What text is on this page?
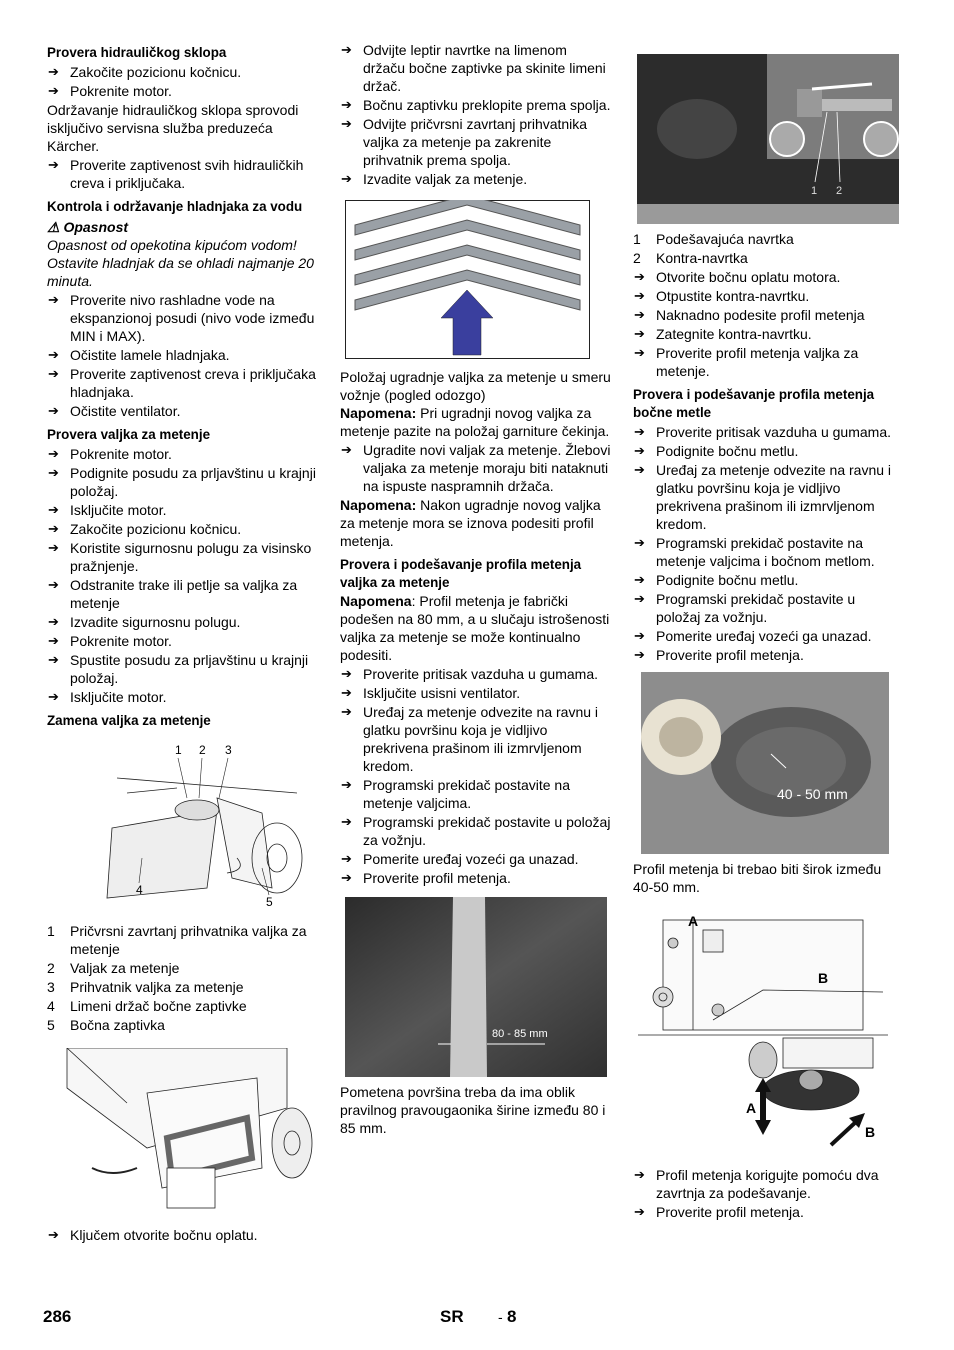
Provera hidrauličkog sklopa
➔ Zakočite pozicionu kočnicu.
➔ Pokrenite motor.

Održavanje hidrauličkog sklopa sprovodi isključivo servisna služba preduzeća Kärcher.

➔ Proverite zaptivenost svih hidrauličkih creva i priključaka.
Kontrola i održavanje hladnjaka za vodu
⚠ Opasnost

Opasnost od opekotina kipućom vodom! Ostavite hladnjak da se ohladi najmanje 20 minuta.

➔ Proverite nivo rashladne vode na ekspanzionoj posudi (nivo vode između MIN i MAX).
➔ Očistite lamele hladnjaka.
➔ Proverite zaptivenost creva i priključaka hladnjaka.
➔ Očistite ventilator.
Provera valjka za metenje
➔ Pokrenite motor.
➔ Podignite posudu za prljavštinu u krajnji položaj.
➔ Isključite motor.
➔ Zakočite pozicionu kočnicu.
➔ Koristite sigurnosnu polugu za visinsko pražnjenje.
➔ Odstranite trake ili petlje sa valjka za metenje
➔ Izvadite sigurnosnu polugu.
➔ Pokrenite motor.
➔ Spustite posudu za prljavštinu u krajnji položaj.
➔ Isključite motor.
Zamena valjka za metenje
1 2 3
4
5
1 Pričvrsni zavrtanj prihvatnika valjka za metenje
2 Valjak za metenje
3 Prihvatnik valjka za metenje
4 Limeni držač bočne zaptivke
5 Bočna zaptivka
➔ Ključem otvorite bočnu oplatu.
➔ Odvijte leptir navrtke na limenom držaču bočne zaptivke pa skinite limeni držač.
➔ Bočnu zaptivku preklopite prema spolja.
➔ Odvijte pričvrsni zavrtanj prihvatnika valjka za metenje pa zakrenite prihvatnik prema spolja.
➔ Izvadite valjak za metenje.

Položaj ugradnje valjka za metenje u smeru vožnje (pogled odozgo)

Napomena: Pri ugradnji novog valjka za metenje pazite na položaj garniture čekinja.

➔ Ugradite novi valjak za metenje. Žlebovi valjaka za metenje moraju biti nataknuti na ispuste naspramnih držača.

Napomena: Nakon ugradnje novog valjka za metenje mora se iznova podesiti profil metenja.

Provera i podešavanje profila metenja valjka za metenje

Napomena: Profil metenja je fabrički podešen na 80 mm, a u slučaju istrošenosti valjka za metenje se može kontinualno podesiti.

➔ Proverite pritisak vazduha u gumama.
➔ Isključite usisni ventilator.
➔ Uređaj za metenje odvezite na ravnu i glatku površinu koja je vidljivo prekrivena prašinom ili izmrvljenom kredom.
➔ Programski prekidač postavite na metenje valjcima.
➔ Programski prekidač postavite u položaj za vožnju.
➔ Pomerite uređaj vozeći ga unazad.
➔ Proverite profil metenja.
80 - 85 mm

Pometena površina treba da ima oblik pravilnog pravougaonika širine između 80 i 85 mm.

1 2
1 Podešavajuća navrtka
2 Kontra-navrtka
➔ Otvorite bočnu oplatu motora.
➔ Otpustite kontra-navrtku.
➔ Naknadno podesite profil metenja
➔ Zategnite kontra-navrtku.
➔ Proverite profil metenja valjka za metenje.
Provera i podešavanje profila metenja bočne metle
➔ Proverite pritisak vazduha u gumama.
➔ Podignite bočnu metlu.
➔ Uređaj za metenje odvezite na ravnu i glatku površinu koja je vidljivo prekrivena prašinom ili izmrvljenom kredom.
➔ Programski prekidač postavite na metenje valjcima i bočnom metlom.
➔ Podignite bočnu metlu.
➔ Programski prekidač postavite u položaj za vožnju.
➔ Pomerite uređaj vozeći ga unazad.
➔ Proverite profil metenja.
40 - 50 mm

Profil metenja bi trebao biti širok između 40-50 mm.

A
B
A
B
➔ Profil metenja korigujte pomoću dva zavrtnja za podešavanje.
➔ Proverite profil metenja.
286	SR - 8
